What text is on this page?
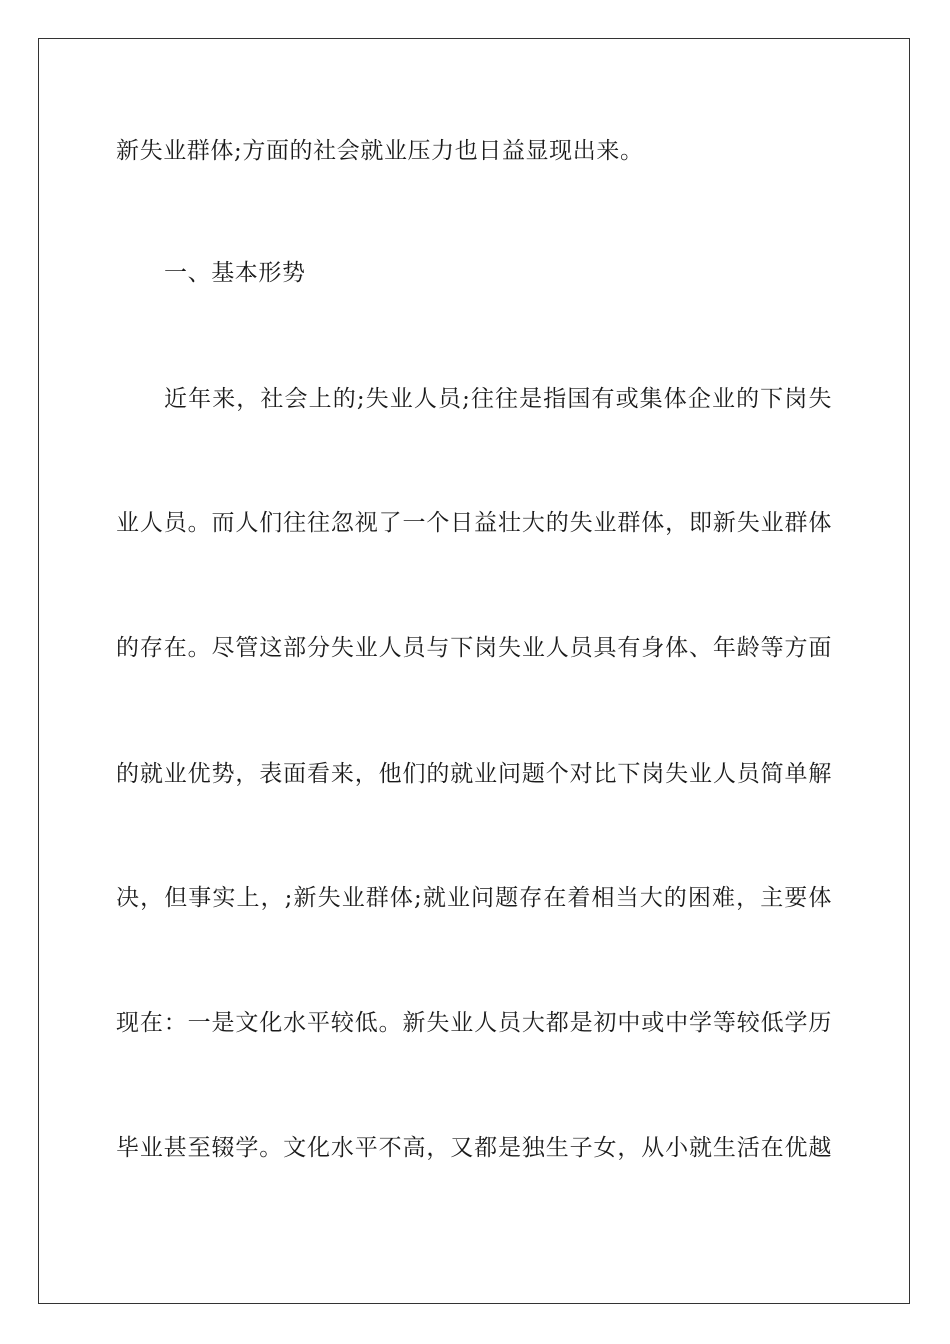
新失业群体;方面的社会就业压力也日益显现出来。
一、基本形势
近年来，社会上的;失业人员;往往是指国有或集体企业的下岗失
业人员。而人们往往忽视了一个日益壮大的失业群体，即新失业群体
的存在。尽管这部分失业人员与下岗失业人员具有身体、年龄等方面
的就业优势，表面看来，他们的就业问题个对比下岗失业人员简单解
决，但事实上，;新失业群体;就业问题存在着相当大的困难，主要体
现在：一是文化水平较低。新失业人员大都是初中或中学等较低学历
毕业甚至辍学。文化水平不高，又都是独生子女，从小就生活在优越
